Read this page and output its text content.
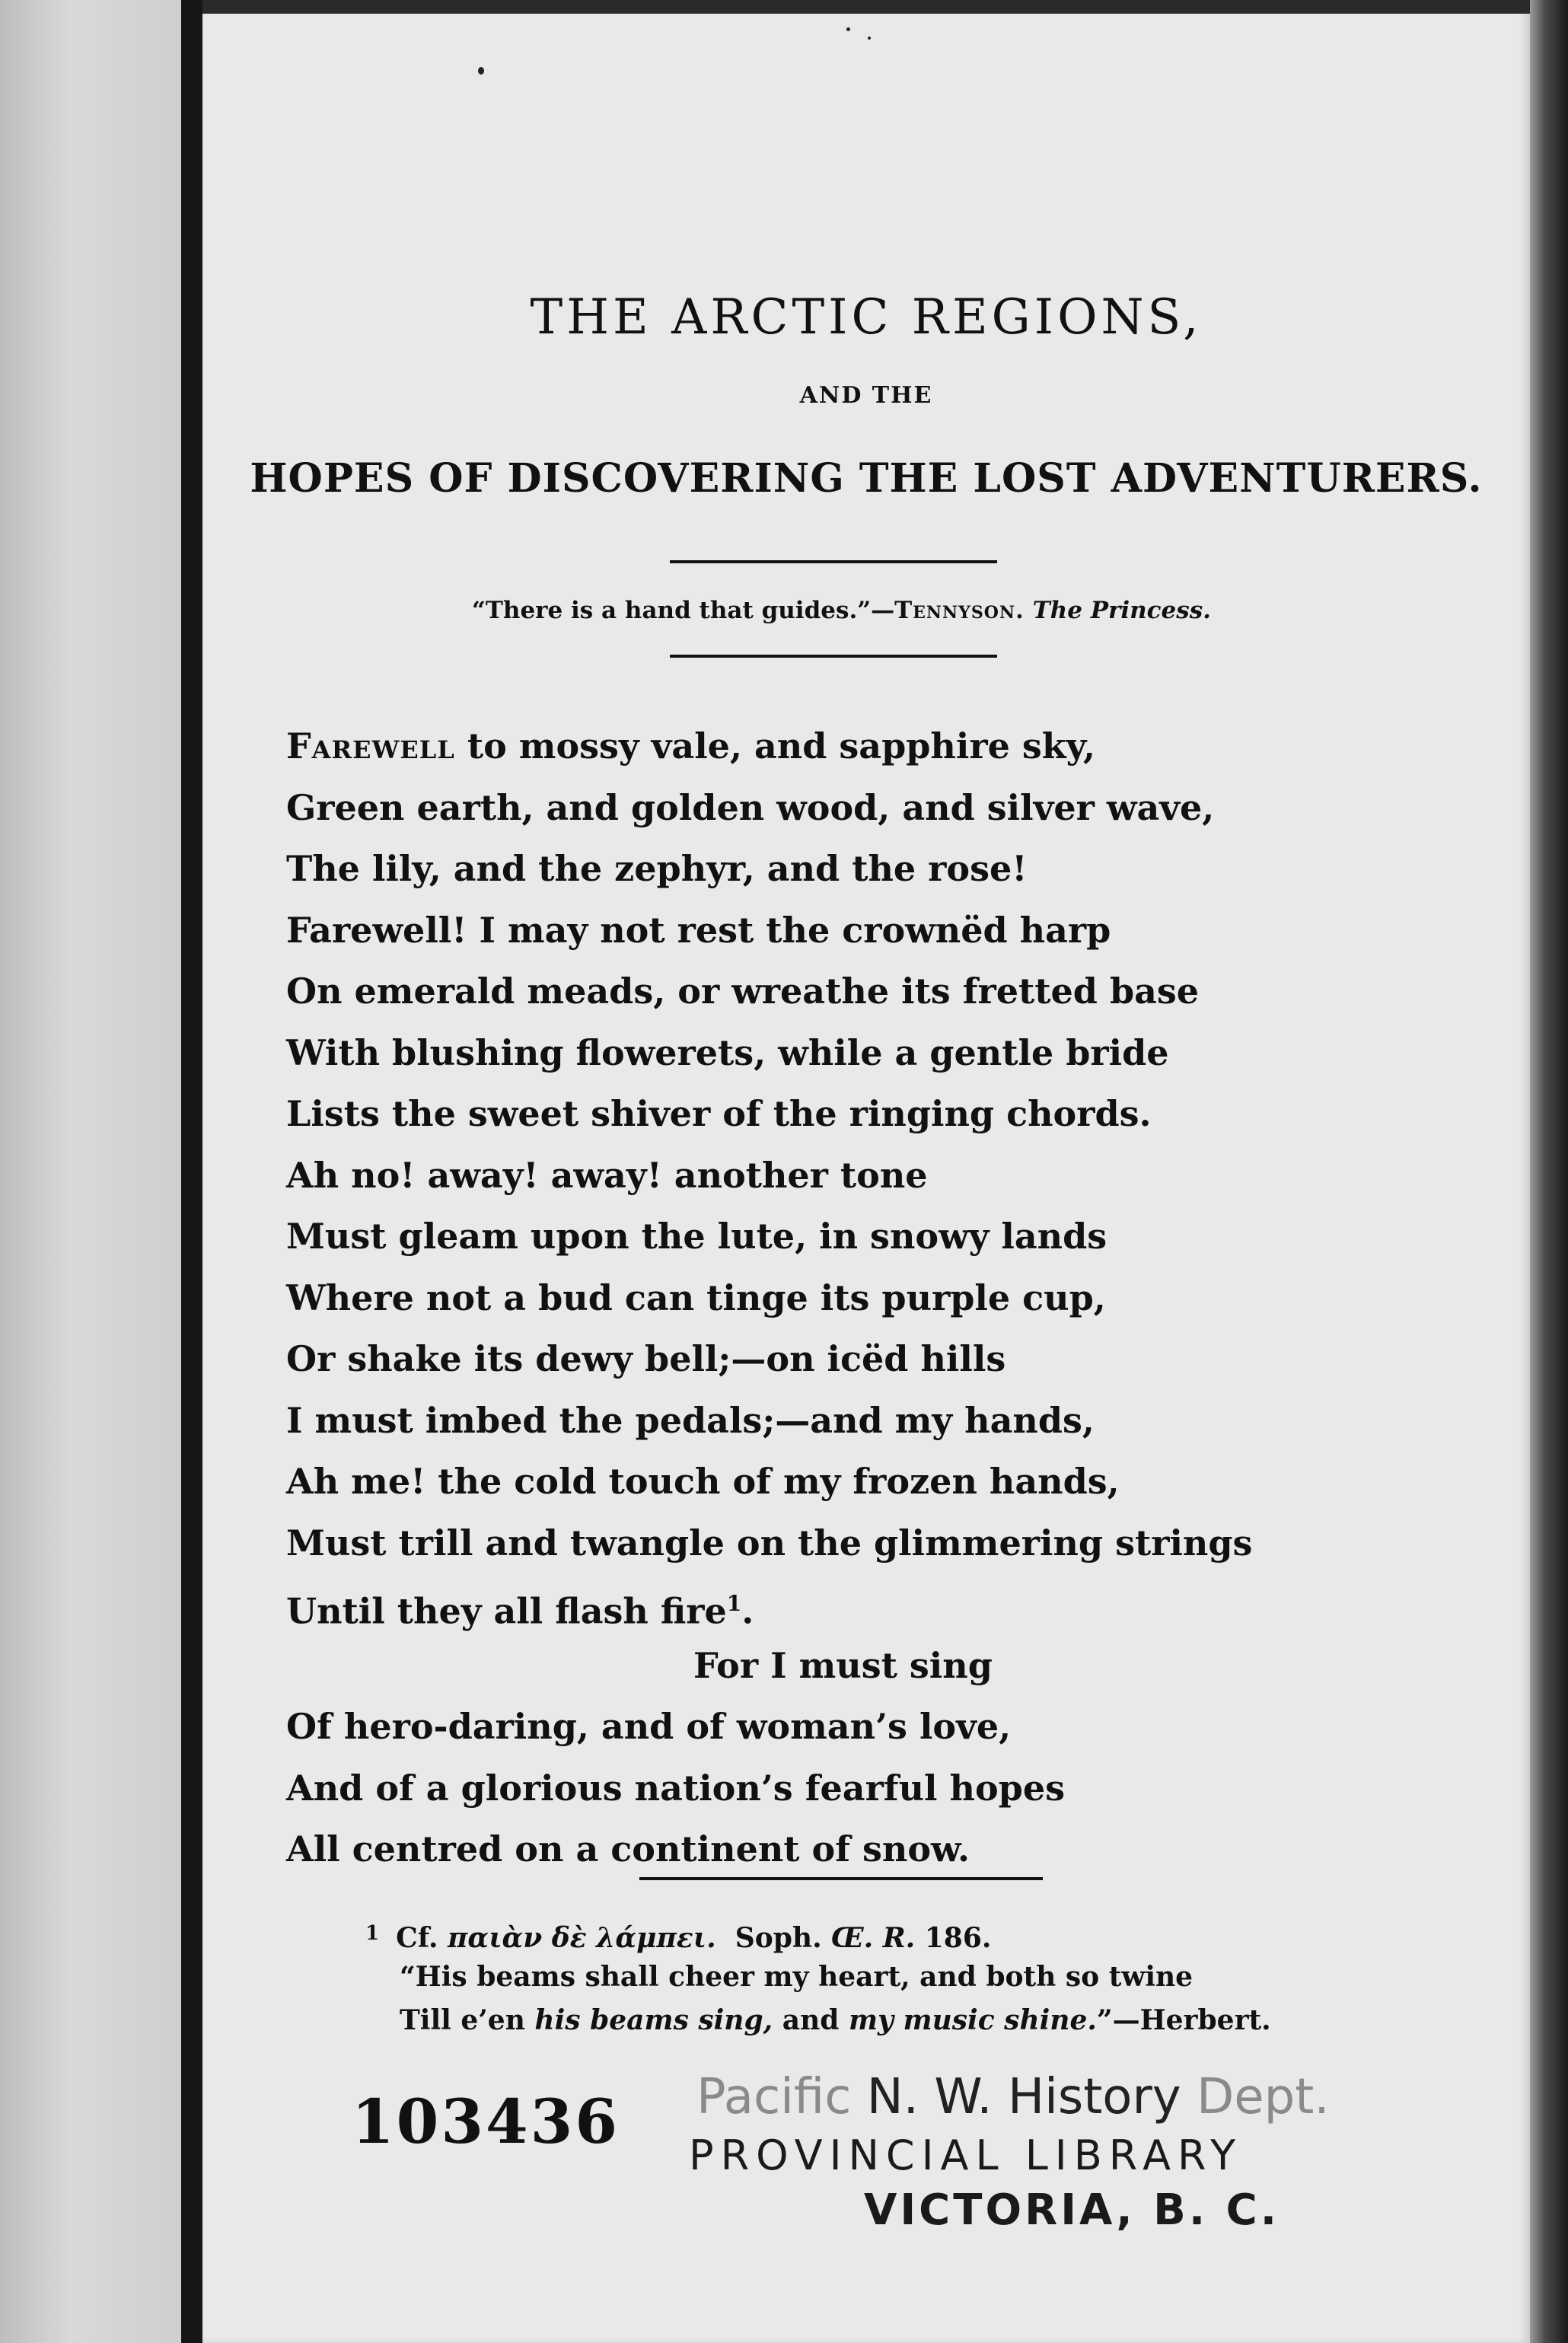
THE ARCTIC REGIONS,
AND THE
HOPES OF DISCOVERING THE LOST ADVENTURERS.
“There is a hand that guides.”—Tennyson. The Princess.
Farewell to mossy vale, and sapphire sky,
Green earth, and golden wood, and silver wave,
The lily, and the zephyr, and the rose!
Farewell! I may not rest the crownëd harp
On emerald meads, or wreathe its fretted base
With blushing flowerets, while a gentle bride
Lists the sweet shiver of the ringing chords.
Ah no! away! away! another tone
Must gleam upon the lute, in snowy lands
Where not a bud can tinge its purple cup,
Or shake its dewy bell;—on icëd hills
I must imbed the pedals;—and my hands,
Ah me! the cold touch of my frozen hands,
Must trill and twangle on the glimmering strings
Until they all flash fire$^1$.
For I must sing
Of hero-daring, and of woman’s love,
And of a glorious nation’s fearful hopes
All centred on a continent of snow.
$^1$ Cf. παιὰν δὲ λάμπει. Soph. Œ. R. 186.
“His beams shall cheer my heart, and both so twine
Till e’en his beams sing, and my music shine.”—Herbert.
103436 Pacific N. W. History Dept.
PROVINCIAL LIBRARY
VICTORIA, B. C.
